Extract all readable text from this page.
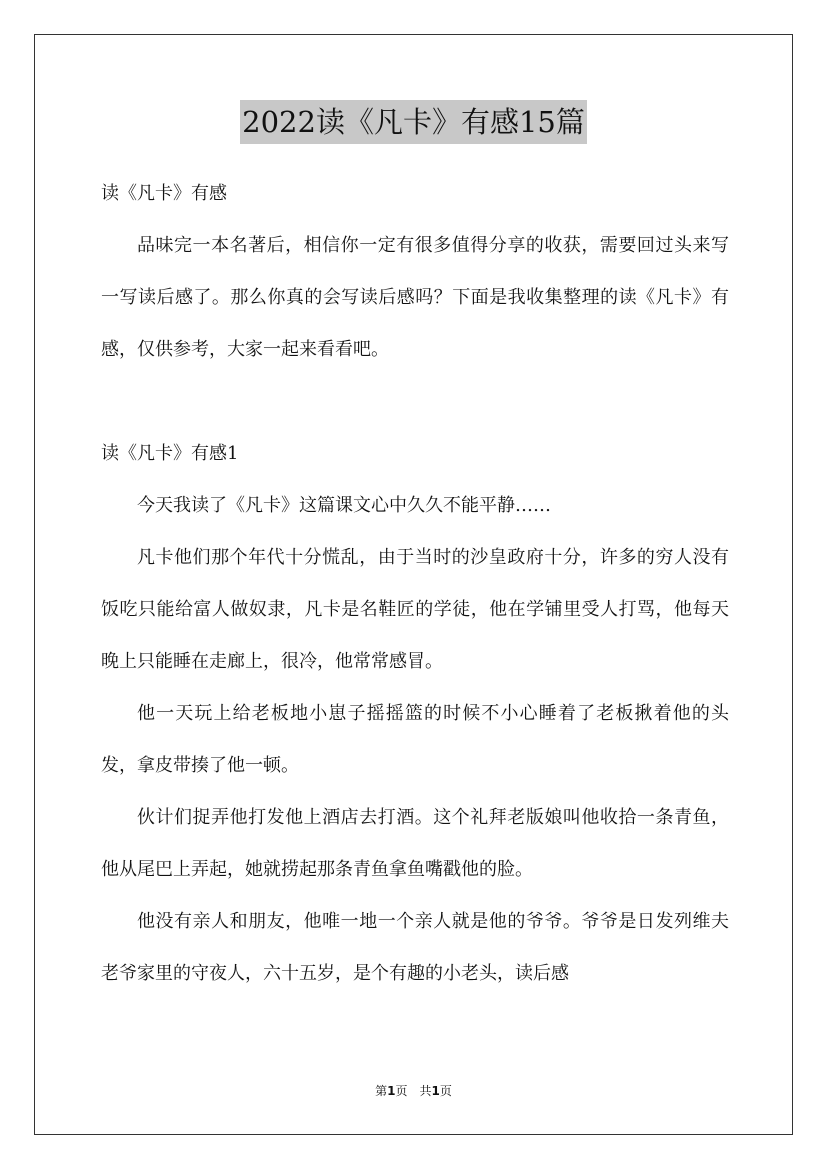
2022读《凡卡》有感15篇

读《凡卡》有感

品味完一本名著后，相信你一定有很多值得分享的收获，需要回过头来写一写读后感了。那么你真的会写读后感吗？下面是我收集整理的读《凡卡》有感，仅供参考，大家一起来看看吧。

读《凡卡》有感1

今天我读了《凡卡》这篇课文心中久久不能平静……

凡卡他们那个年代十分慌乱，由于当时的沙皇政府十分，许多的穷人没有饭吃只能给富人做奴隶，凡卡是名鞋匠的学徒，他在学铺里受人打骂，他每天晚上只能睡在走廊上，很冷，他常常感冒。

他一天玩上给老板地小崽子摇摇篮的时候不小心睡着了老板揪着他的头发，拿皮带揍了他一顿。

伙计们捉弄他打发他上酒店去打酒。这个礼拜老版娘叫他收拾一条青鱼，他从尾巴上弄起，她就捞起那条青鱼拿鱼嘴戳他的脸。

他没有亲人和朋友，他唯一地一个亲人就是他的爷爷。爷爷是日发列维夫老爷家里的守夜人，六十五岁，是个有趣的小老头，读后感

第1页 共1页
